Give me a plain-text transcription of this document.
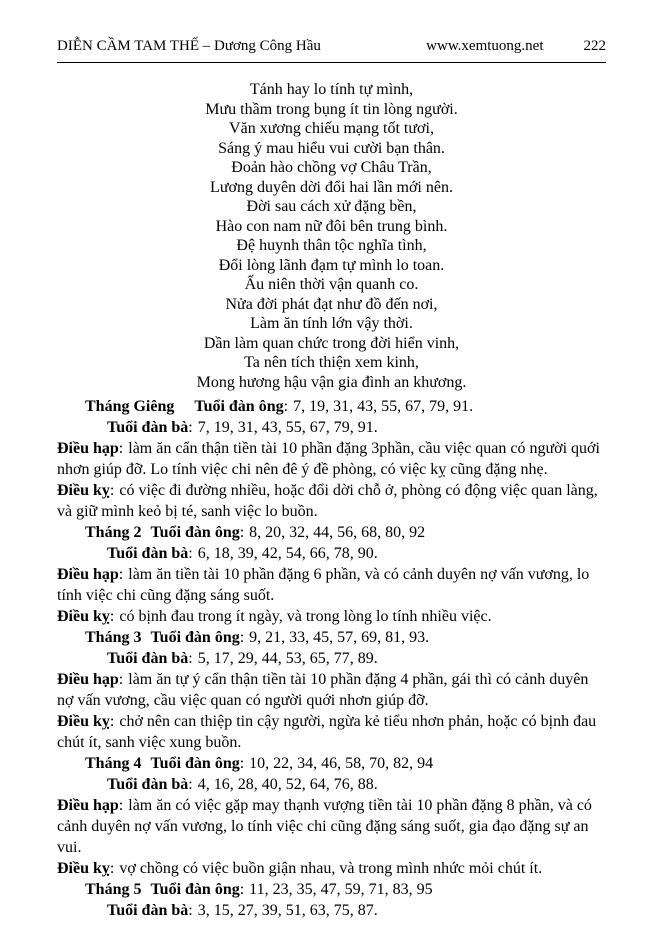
DIỄN CẦM TAM THẾ – Dương Công Hầu	www.xemtuong.net	222
Tánh hay lo tính tự mình,
Mưu thầm trong bụng ít tin lòng người.
Văn xương chiếu mạng tốt tươi,
Sáng ý mau hiểu vui cười bạn thân.
Đoản hào chồng vợ Châu Trần,
Lương duyên dời đổi hai lần mới nên.
Đời sau cách xử đặng bền,
Hào con nam nữ đôi bên trung bình.
Đệ huynh thân tộc nghĩa tình,
Đổi lòng lãnh đạm tự mình lo toan.
Ấu niên thời vận quanh co.
Nửa đời phát đạt như đồ đến nơi,
Làm ăn tính lớn vậy thời.
Dần làm quan chức trong đời hiển vinh,
Ta nên tích thiện xem kinh,
Mong hương hậu vận gia đình an khương.

Tháng Giêng Tuổi đàn ông: 7, 19, 31, 43, 55, 67, 79, 91.

Tuổi đàn bà: 7, 19, 31, 43, 55, 67, 79, 91.

Điều hạp: làm ăn cẩn thận tiền tài 10 phần đặng 3phần, cầu việc quan có người quới nhơn giúp đỡ. Lo tính việc chi nên đê ý đề phòng, có việc kỵ cũng đặng nhẹ.

Điều kỵ: có việc đi đường nhiều, hoặc đổi dời chỗ ở, phòng có động việc quan làng, và giữ mình keỏ bị té, sanh việc lo buồn.

Tháng 2 Tuổi đàn ông: 8, 20, 32, 44, 56, 68, 80, 92

Tuổi đàn bà: 6, 18, 39, 42, 54, 66, 78, 90.

Điều hạp: làm ăn tiền tài 10 phần đặng 6 phần, và có cảnh duyên nợ vấn vương, lo tính việc chi cũng đặng sáng suốt.

Điều kỵ: có bịnh đau trong ít ngày, và trong lòng lo tính nhiều việc.

Tháng 3 Tuổi đàn ông: 9, 21, 33, 45, 57, 69, 81, 93.

Tuổi đàn bà: 5, 17, 29, 44, 53, 65, 77, 89.

Điều hạp: làm ăn tự ý cẩn thận tiền tài 10 phần đặng 4 phần, gái thì có cảnh duyên nợ vấn vương, cầu việc quan có người quới nhơn giúp đỡ.

Điều kỵ: chở nên can thiệp tin cậy người, ngừa kẻ tiểu nhơn phản, hoặc có bịnh đau chút ít, sanh việc xung buồn.

Tháng 4 Tuổi đàn ông: 10, 22, 34, 46, 58, 70, 82, 94

Tuổi đàn bà: 4, 16, 28, 40, 52, 64, 76, 88.

Điều hạp: làm ăn có việc gặp may thạnh vượng tiền tài 10 phần đặng 8 phần, và có cảnh duyên nợ vấn vương, lo tính việc chi cũng đặng sáng suốt, gia đạo đặng sự an vui.

Điều kỵ: vợ chồng có việc buồn giận nhau, và trong mình nhức mỏi chút ít.

Tháng 5 Tuổi đàn ông: 11, 23, 35, 47, 59, 71, 83, 95

Tuổi đàn bà: 3, 15, 27, 39, 51, 63, 75, 87.
